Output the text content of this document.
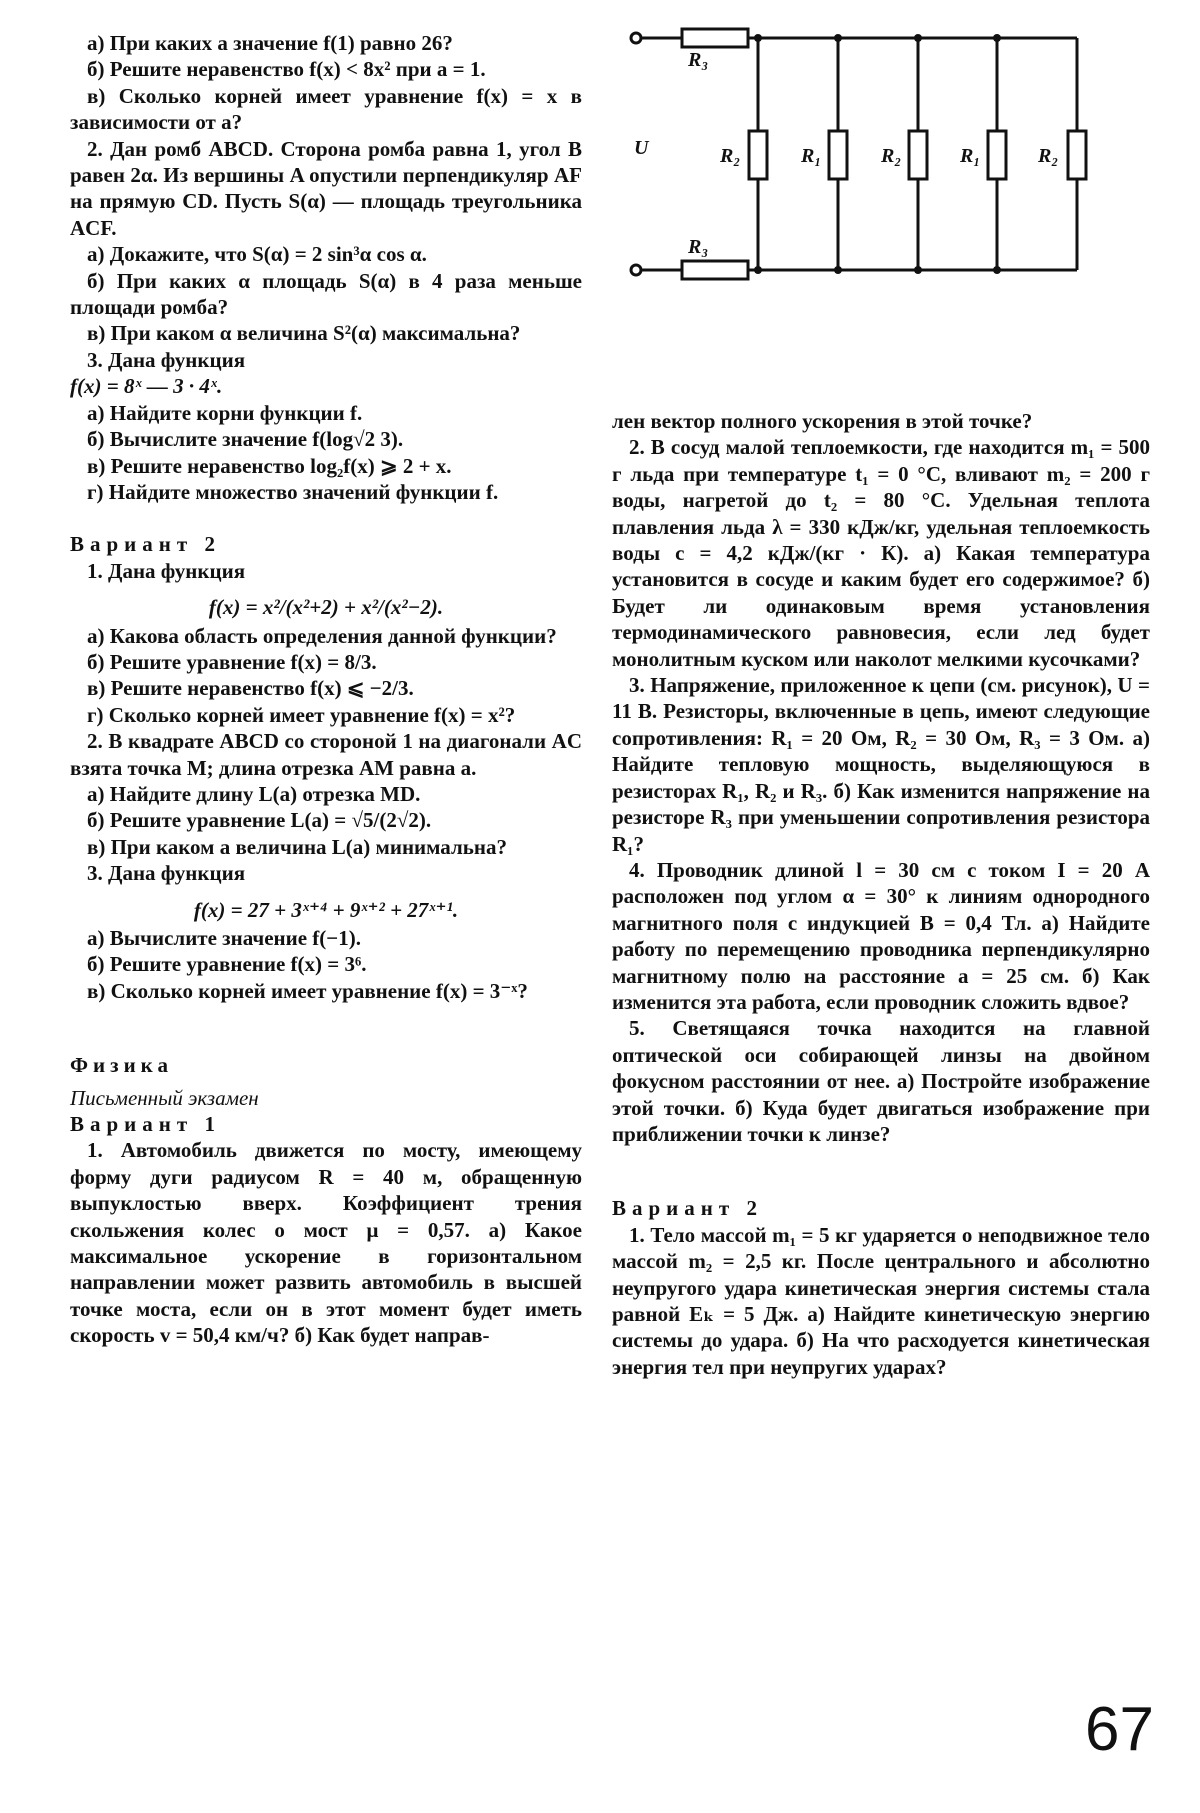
R₃
R₃
U	R₂	R₁	R₂	R₁	R₂

а) При каких a значение f(1) равно 26?

б) Решите неравенство f(x) < 8x² при a = 1.

в) Сколько корней имеет уравнение f(x) = x в зависимости от a?

2. Дан ромб ABCD. Сторона ромба равна 1, угол B равен 2α. Из вершины A опустили перпендикуляр AF на прямую CD. Пусть S(α) — площадь треугольника ACF.

а) Докажите, что S(α) = 2 sin³α cos α.

б) При каких α площадь S(α) в 4 раза меньше площади ромба?

в) При каком α величина S²(α) максимальна?

3. Дана функция

f(x) = 8ˣ — 3 · 4ˣ.

а) Найдите корни функции f.

б) Вычислите значение f(log√2 3).

в) Решите неравенство log₂f(x) ⩾ 2 + x.

г) Найдите множество значений функции f.

Вариант 2

1. Дана функция

f(x) = x²/(x²+2) + x²/(x²−2).

а) Какова область определения данной функции?

б) Решите уравнение f(x) = 8/3.

в) Решите неравенство f(x) ⩽ −2/3.

г) Сколько корней имеет уравнение f(x) = x²?

2. В квадрате ABCD со стороной 1 на диагонали AC взята точка M; длина отрезка AM равна a.

а) Найдите длину L(a) отрезка MD.

б) Решите уравнение L(a) = √5/(2√2).

в) При каком a величина L(a) минимальна?

3. Дана функция

f(x) = 27 + 3ˣ⁺⁴ + 9ˣ⁺² + 27ˣ⁺¹.

а) Вычислите значение f(−1).

б) Решите уравнение f(x) = 3⁶.

в) Сколько корней имеет уравнение f(x) = 3⁻ˣ?

Физика

Письменный экзамен

Вариант 1

1. Автомобиль движется по мосту, имеющему форму дуги радиусом R = 40 м, обращенную выпуклостью вверх. Коэффициент трения скольжения колес о мост μ = 0,57. а) Какое максимальное ускорение в горизонтальном направлении может развить автомобиль в высшей точке моста, если он в этот момент будет иметь скорость v = 50,4 км/ч? б) Как будет направ-

лен вектор полного ускорения в этой точке?

2. В сосуд малой теплоемкости, где находится m₁ = 500 г льда при температуре t₁ = 0 °C, вливают m₂ = 200 г воды, нагретой до t₂ = 80 °C. Удельная теплота плавления льда λ = 330 кДж/кг, удельная теплоемкость воды c = 4,2 кДж/(кг · К). а) Какая температура установится в сосуде и каким будет его содержимое? б) Будет ли одинаковым время установления термодинамического равновесия, если лед будет монолитным куском или наколот мелкими кусочками?

3. Напряжение, приложенное к цепи (см. рисунок), U = 11 В. Резисторы, включенные в цепь, имеют следующие сопротивления: R₁ = 20 Ом, R₂ = 30 Ом, R₃ = 3 Ом. а) Найдите тепловую мощность, выделяющуюся в резисторах R₁, R₂ и R₃. б) Как изменится напряжение на резисторе R₃ при уменьшении сопротивления резистора R₁?

4. Проводник длиной l = 30 см с током I = 20 А расположен под углом α = 30° к линиям однородного магнитного поля с индукцией B = 0,4 Тл. а) Найдите работу по перемещению проводника перпендикулярно магнитному полю на расстояние a = 25 см. б) Как изменится эта работа, если проводник сложить вдвое?

5. Светящаяся точка находится на главной оптической оси собирающей линзы на двойном фокусном расстоянии от нее. а) Постройте изображение этой точки. б) Куда будет двигаться изображение при приближении точки к линзе?

Вариант 2

1. Тело массой m₁ = 5 кг ударяется о неподвижное тело массой m₂ = 2,5 кг. После центрального и абсолютно неупругого удара кинетическая энергия системы стала равной Eₖ = 5 Дж. а) Найдите кинетическую энергию системы до удара. б) На что расходуется кинетическая энергия тел при неупругих ударах?

67
